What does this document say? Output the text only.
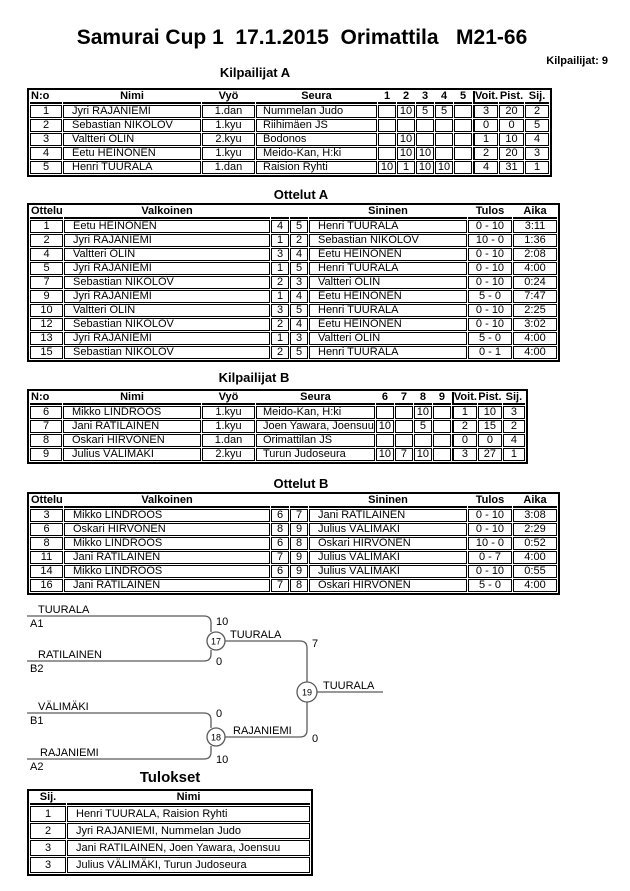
Samurai Cup 1  17.1.2015  Orimattila   M21-66
Kilpailijat: 9
Kilpailijat A
N:o	Nimi	Vyö	Seura	1	2	3	4	5	Voit.	Pist.	Sij.
1	Jyri RAJANIEMI	1.dan	Nummelan Judo		10	5	5		3	20	2
2	Sebastian NIKOLOV	1.kyu	Riihimäen JS						0	0	5
3	Valtteri OLIN	2.kyu	Bodonos		10				1	10	4
4	Eetu HEINONEN	1.kyu	Meido-Kan, H:ki		10	10			2	20	3
5	Henri TUURALA	1.dan	Raision Ryhti	10	1	10	10		4	31	1
Ottelut A
Ottelu	Valkoinen			Sininen	Tulos	Aika
1	Eetu HEINONEN	4	5	Henri TUURALA	0 - 10	3:11
2	Jyri RAJANIEMI	1	2	Sebastian NIKOLOV	10 - 0	1:36
4	Valtteri OLIN	3	4	Eetu HEINONEN	0 - 10	2:08
5	Jyri RAJANIEMI	1	5	Henri TUURALA	0 - 10	4:00
7	Sebastian NIKOLOV	2	3	Valtteri OLIN	0 - 10	0:24
9	Jyri RAJANIEMI	1	4	Eetu HEINONEN	5 - 0	7:47
10	Valtteri OLIN	3	5	Henri TUURALA	0 - 10	2:25
12	Sebastian NIKOLOV	2	4	Eetu HEINONEN	0 - 10	3:02
13	Jyri RAJANIEMI	1	3	Valtteri OLIN	5 - 0	4:00
15	Sebastian NIKOLOV	2	5	Henri TUURALA	0 - 1	4:00
Kilpailijat B
N:o	Nimi	Vyö	Seura	6	7	8	9	Voit.	Pist.	Sij.
6	Mikko LINDROOS	1.kyu	Meido-Kan, H:ki			10		1	10	3
7	Jani RATILAINEN	1.kyu	Joen Yawara, Joensuu	10		5		2	15	2
8	Oskari HIRVONEN	1.dan	Orimattilan JS					0	0	4
9	Julius VÄLIMÄKI	2.kyu	Turun Judoseura	10	7	10		3	27	1
Ottelut B
Ottelu	Valkoinen			Sininen	Tulos	Aika
3	Mikko LINDROOS	6	7	Jani RATILAINEN	0 - 10	3:08
6	Oskari HIRVONEN	8	9	Julius VÄLIMÄKI	0 - 10	2:29
8	Mikko LINDROOS	6	8	Oskari HIRVONEN	10 - 0	0:52
11	Jani RATILAINEN	7	9	Julius VÄLIMÄKI	0 - 7	4:00
14	Mikko LINDROOS	6	9	Julius VÄLIMÄKI	0 - 10	0:55
16	Jani RATILAINEN	7	8	Oskari HIRVONEN	5 - 0	4:00
TUURALA
A1	10
RATILAINEN
B2
0
17
TUURALA
7
VÄLIMÄKI
B1
0
RAJANIEMI
A2
10
18
RAJANIEMI
0
19
TUURALA
Tulokset
Sij.	Nimi
1	Henri TUURALA, Raision Ryhti
2	Jyri RAJANIEMI, Nummelan Judo
3	Jani RATILAINEN, Joen Yawara, Joensuu
3	Julius VÄLIMÄKI, Turun Judoseura
